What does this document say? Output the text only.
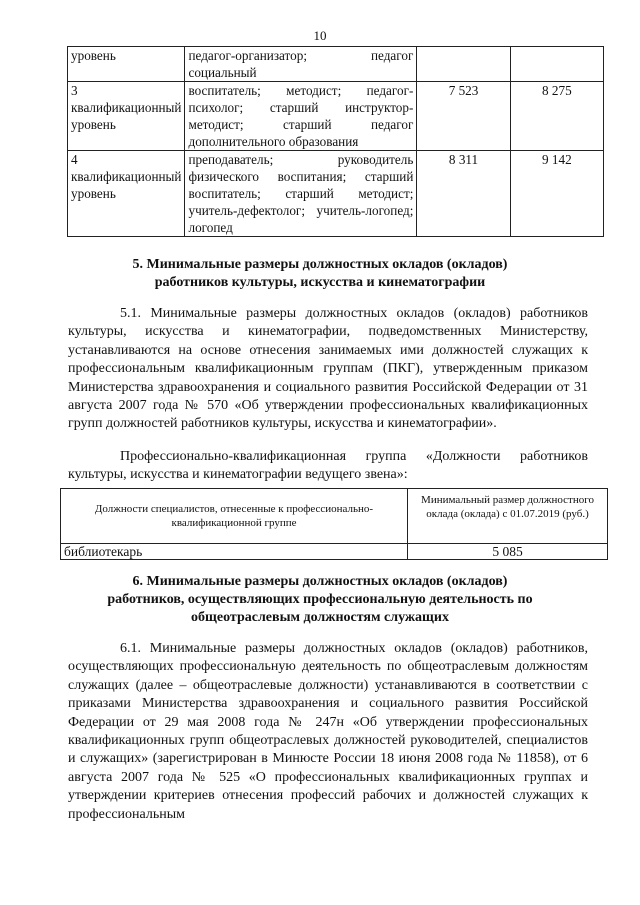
10
уровень	педагог-организатор; педагог социальный		
3 квалификационный уровень	воспитатель; методист; педагог-психолог; старший инструктор-методист; старший педагог дополнительного образования	7 523	8 275
4 квалификационный уровень	преподаватель; руководитель физического воспитания; старший воспитатель; старший методист; учитель-дефектолог; учитель-логопед; логопед	8 311	9 142
5. Минимальные размеры должностных окладов (окладов)
работников культуры, искусства и кинематографии

5.1. Минимальные размеры должностных окладов (окладов) работников культуры, искусства и кинематографии, подведомственных Министерству, устанавливаются на основе отнесения занимаемых ими должностей служащих к профессиональным квалификационным группам (ПКГ), утвержденным приказом Министерства здравоохранения и социального развития Российской Федерации от 31 августа 2007 года № 570 «Об утверждении профессиональных квалификационных групп должностей работников культуры, искусства и кинематографии».

Профессионально-квалификационная группа «Должности работников культуры, искусства и кинематографии ведущего звена»:

Должности специалистов, отнесенные к профессионально-квалификационной группе	Минимальный размер должностного оклада (оклада) с 01.07.2019 (руб.)
библиотекарь	5 085
6. Минимальные размеры должностных окладов (окладов)
работников, осуществляющих профессиональную деятельность по
общеотраслевым должностям служащих

6.1. Минимальные размеры должностных окладов (окладов) работников, осуществляющих профессиональную деятельность по общеотраслевым должностям служащих (далее – общеотраслевые должности) устанавливаются в соответствии с приказами Министерства здравоохранения и социального развития Российской Федерации от 29 мая 2008 года № 247н «Об утверждении профессиональных квалификационных групп общеотраслевых должностей руководителей, специалистов и служащих» (зарегистрирован в Минюсте России 18 июня 2008 года № 11858), от 6 августа 2007 года № 525 «О профессиональных квалификационных группах и утверждении критериев отнесения профессий рабочих и должностей служащих к профессиональным
